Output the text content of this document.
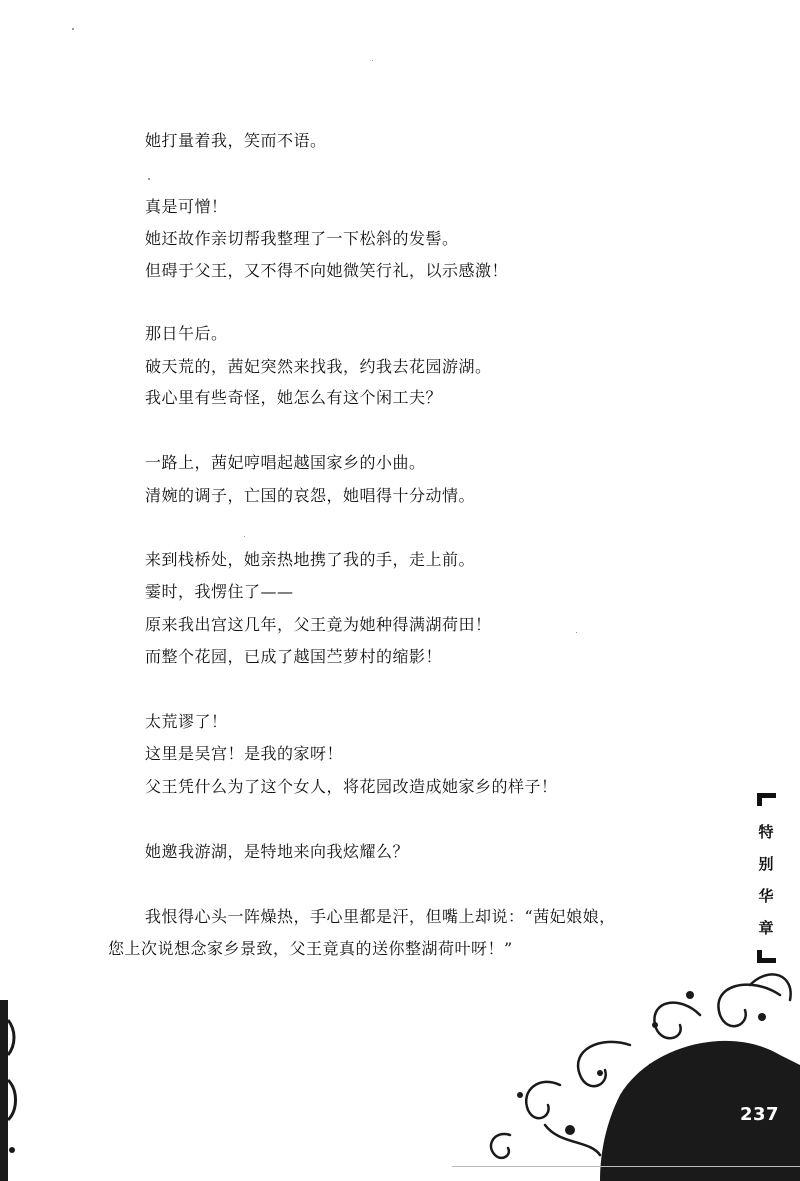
她打量着我，笑而不语。
真是可憎！
她还故作亲切帮我整理了一下松斜的发髻。
但碍于父王，又不得不向她微笑行礼，以示感激！
那日午后。
破天荒的，茜妃突然来找我，约我去花园游湖。
我心里有些奇怪，她怎么有这个闲工夫？
一路上，茜妃哼唱起越国家乡的小曲。
清婉的调子，亡国的哀怨，她唱得十分动情。
来到栈桥处，她亲热地携了我的手，走上前。
霎时，我愣住了——
原来我出宫这几年，父王竟为她种得满湖荷田！
而整个花园，已成了越国苎萝村的缩影！
太荒谬了！
这里是吴宫！是我的家呀！
父王凭什么为了这个女人，将花园改造成她家乡的样子！
她邀我游湖，是特地来向我炫耀么？
我恨得心头一阵燥热，手心里都是汗，但嘴上却说：“茜妃娘娘，
您上次说想念家乡景致，父王竟真的送你整湖荷叶呀！”
特
别
华
章
237
